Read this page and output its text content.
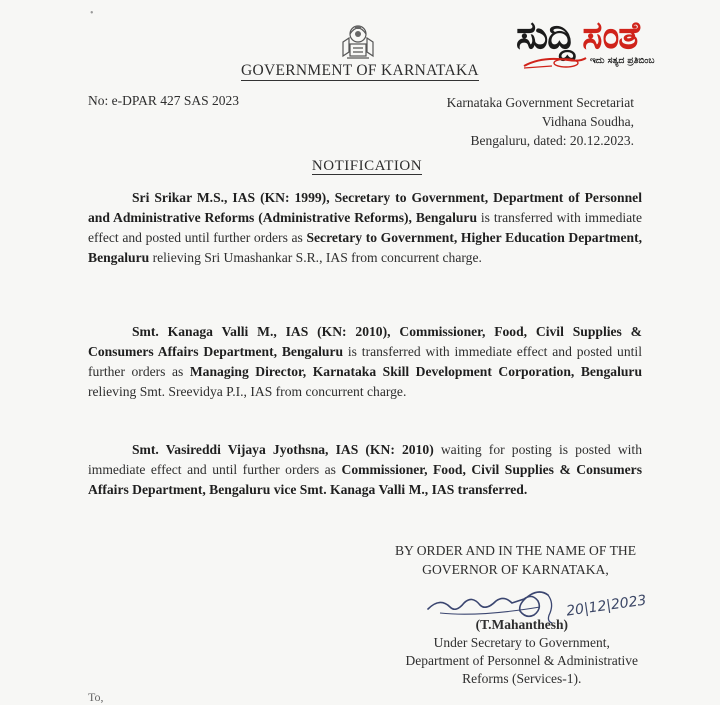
•	ಸುದ್ದಿ ಸಂತೆ
ಇದು ಸತ್ಯದ ಪ್ರತಿಬಿಂಬ
GOVERNMENT OF KARNATAKA
No: e-DPAR 427 SAS 2023	Karnataka Government Secretariat
Vidhana Soudha,
Bengaluru, dated: 20.12.2023.
NOTIFICATION
Sri Srikar M.S., IAS (KN: 1999), Secretary to Government, Department of Personnel and Administrative Reforms (Administrative Reforms), Bengaluru is transferred with immediate effect and posted until further orders as Secretary to Government, Higher Education Department, Bengaluru relieving Sri Umashankar S.R., IAS from concurrent charge.
Smt. Kanaga Valli M., IAS (KN: 2010), Commissioner, Food, Civil Supplies & Consumers Affairs Department, Bengaluru is transferred with immediate effect and posted until further orders as Managing Director, Karnataka Skill Development Corporation, Bengaluru relieving Smt. Sreevidya P.I., IAS from concurrent charge.
Smt. Vasireddi Vijaya Jyothsna, IAS (KN: 2010) waiting for posting is posted with immediate effect and until further orders as Commissioner, Food, Civil Supplies & Consumers Affairs Department, Bengaluru vice Smt. Kanaga Valli M., IAS transferred.
BY ORDER AND IN THE NAME OF THE
GOVERNOR OF KARNATAKA,
20|12|2023
(T.Mahanthesh)
Under Secretary to Government,
Department of Personnel & Administrative
Reforms (Services-1).
To,
